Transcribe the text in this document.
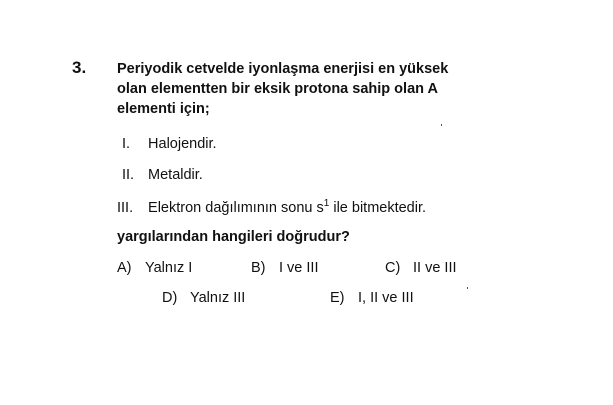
3. Periyodik cetvelde iyonlaşma enerjisi en yüksek
olan elementten bir eksik protona sahip olan A
elementi için;
I. Halojendir.
II. Metaldir.
III. Elektron dağılımının sonu $s^1$ ile bitmektedir.
yargılarından hangileri doğrudur?
A) Yalnız I	B) I ve III	C) II ve III
D) Yalnız III	E) I, II ve III
